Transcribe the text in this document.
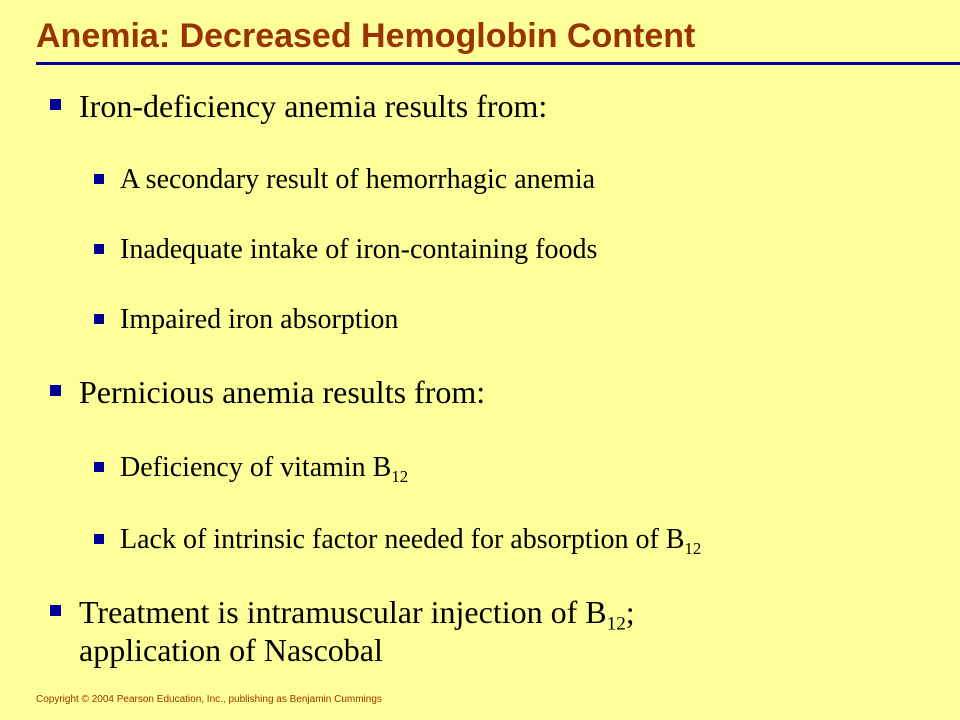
Anemia: Decreased Hemoglobin Content
Iron-deficiency anemia results from:
A secondary result of hemorrhagic anemia
Inadequate intake of iron-containing foods
Impaired iron absorption
Pernicious anemia results from:
Deficiency of vitamin $B_{12}$
Lack of intrinsic factor needed for absorption of $B_{12}$
Treatment is intramuscular injection of $B_{12}$;
application of Nascobal
Copyright © 2004 Pearson Education, Inc., publishing as Benjamin Cummings
